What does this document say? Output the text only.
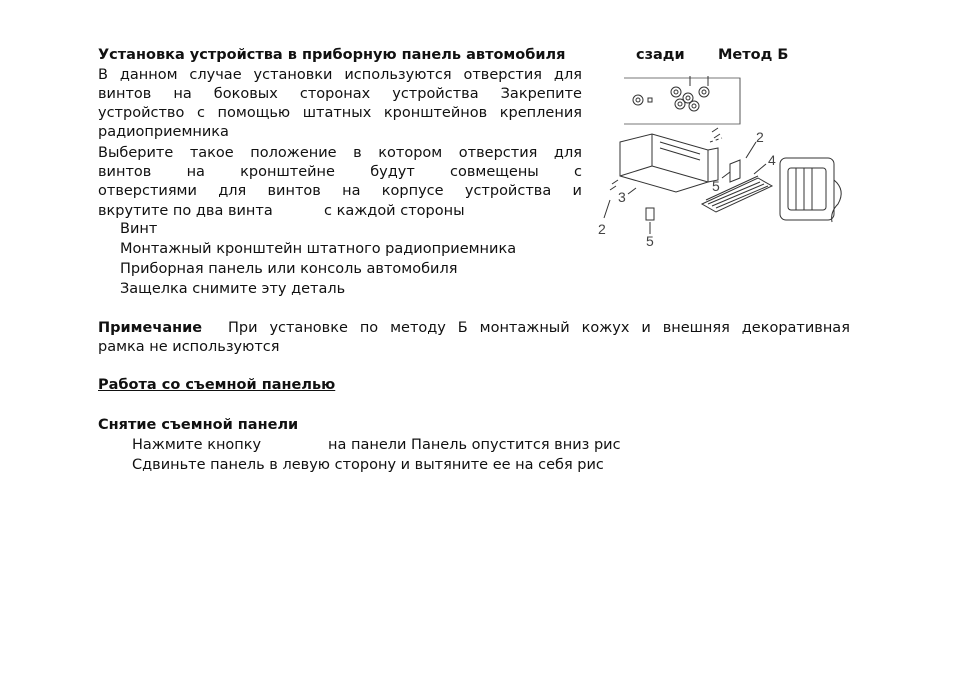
Установка устройства в приборную панель автомобиля	сзади Метод Б
В данном случае установки используются отверстия для
винтов на боковых сторонах устройства Закрепите
устройство с помощью штатных кронштейнов крепления
радиоприемника
Выберите такое положение в котором отверстия для
винтов на кронштейне будут совмещены с
отверстиями для винтов на корпусе устройства и
вкрутите по два винта	с каждой стороны
Винт
Монтажный кронштейн штатного радиоприемника
Приборная панель или консоль автомобиля
Защелка снимите эту деталь
2
4
5
3
2
5
Примечание При установке по методу Б монтажный кожух и внешняя декоративная
рамка не используются
Работа со съемной панелью
Снятие съемной панели
Нажмите кнопку	на панели Панель опустится вниз рис
Сдвиньте панель в левую сторону и вытяните ее на себя рис
